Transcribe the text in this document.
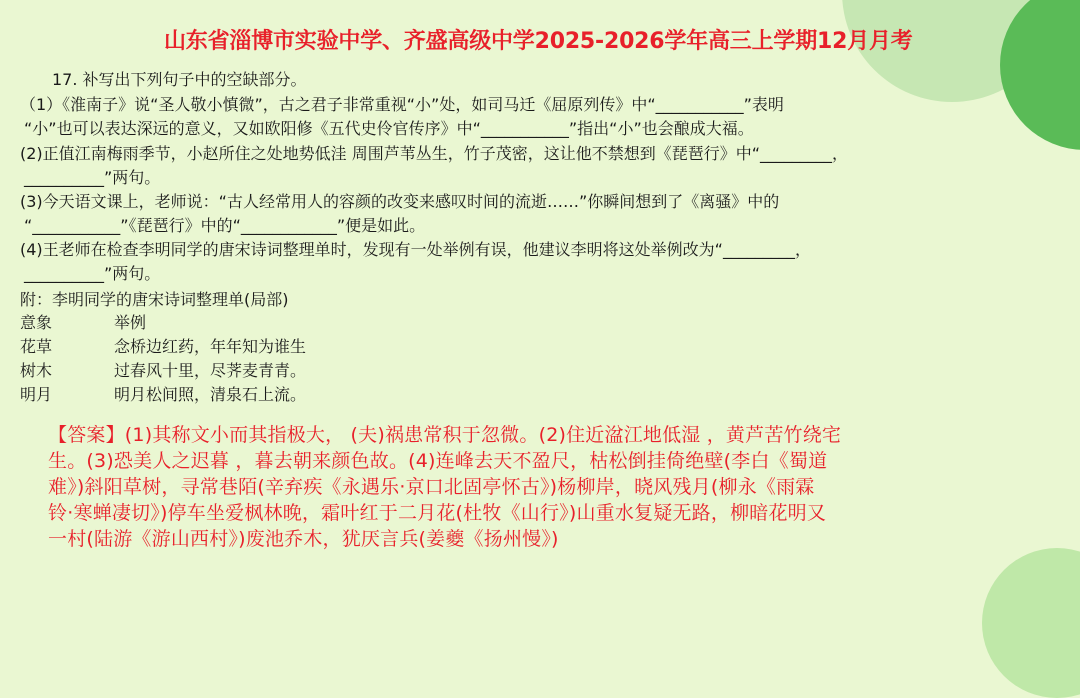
山东省淄博市实验中学、齐盛高级中学2025-2026学年高三上学期12月月考
17. 补写出下列句子中的空缺部分。
（1）《淮南子》说“圣人敬小慎微”，古之君子非常重视“小”处，如司马迁《屈原列传》中“___________”表明
“小”也可以表达深远的意义，又如欧阳修《五代史伶官传序》中“___________”指出“小”也会酿成大福。
(2)正值江南梅雨季节，小赵所住之处地势低洼 周围芦苇丛生，竹子茂密，这让他不禁想到《琵琶行》中“_________，
__________”两句。
(3)今天语文课上，老师说：“古人经常用人的容颜的改变来感叹时间的流逝……”你瞬间想到了《离骚》中的
“___________”《琵琶行》中的“____________”便是如此。
(4)王老师在检查李明同学的唐宋诗词整理单时，发现有一处举例有误，他建议李明将这处举例改为“_________，
__________”两句。
附：李明同学的唐宋诗词整理单(局部)
意象	举例
花草	念桥边红药，年年知为谁生
树木	过春风十里，尽荠麦青青。
明月	明月松间照，清泉石上流。
【答案】(1)其称文小而其指极大， (夫)祸患常积于忽微。(2)住近湓江地低湿 ，黄芦苦竹绕宅
生。(3)恐美人之迟暮 ，暮去朝来颜色故。(4)连峰去天不盈尺，枯松倒挂倚绝壁(李白《蜀道
难》)斜阳草树，寻常巷陌(辛弃疾《永遇乐·京口北固亭怀古》)杨柳岸，晓风残月(柳永《雨霖
铃·寒蝉凄切》)停车坐爱枫林晚，霜叶红于二月花(杜牧《山行》)山重水复疑无路，柳暗花明又
一村(陆游《游山西村》)废池乔木，犹厌言兵(姜夔《扬州慢》)
